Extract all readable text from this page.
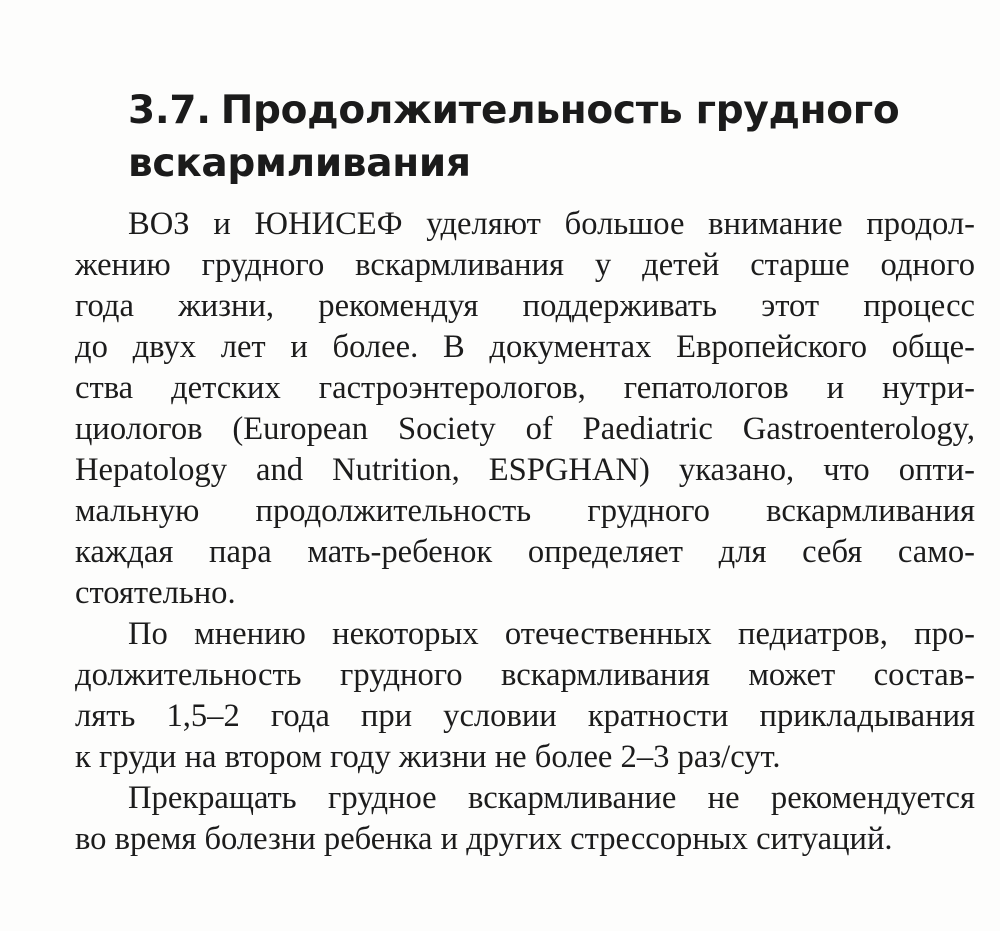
3.7. Продолжительность грудного
вскармливания
ВОЗ и ЮНИСЕФ уделяют большое внимание продол-
жению грудного вскармливания у детей старше одного
года жизни, рекомендуя поддерживать этот процесс
до двух лет и более. В документах Европейского обще-
ства детских гастроэнтерологов, гепатологов и нутри-
циологов (European Society of Paediatric Gastroenterology,
Hepatology and Nutrition, ESPGHAN) указано, что опти-
мальную продолжительность грудного вскармливания
каждая пара мать-ребенок определяет для себя само-
стоятельно.
По мнению некоторых отечественных педиатров, про-
должительность грудного вскармливания может состав-
лять 1,5–2 года при условии кратности прикладывания
к груди на втором году жизни не более 2–3 раз/сут.
Прекращать грудное вскармливание не рекомендуется
во время болезни ребенка и других стрессорных ситуаций.
